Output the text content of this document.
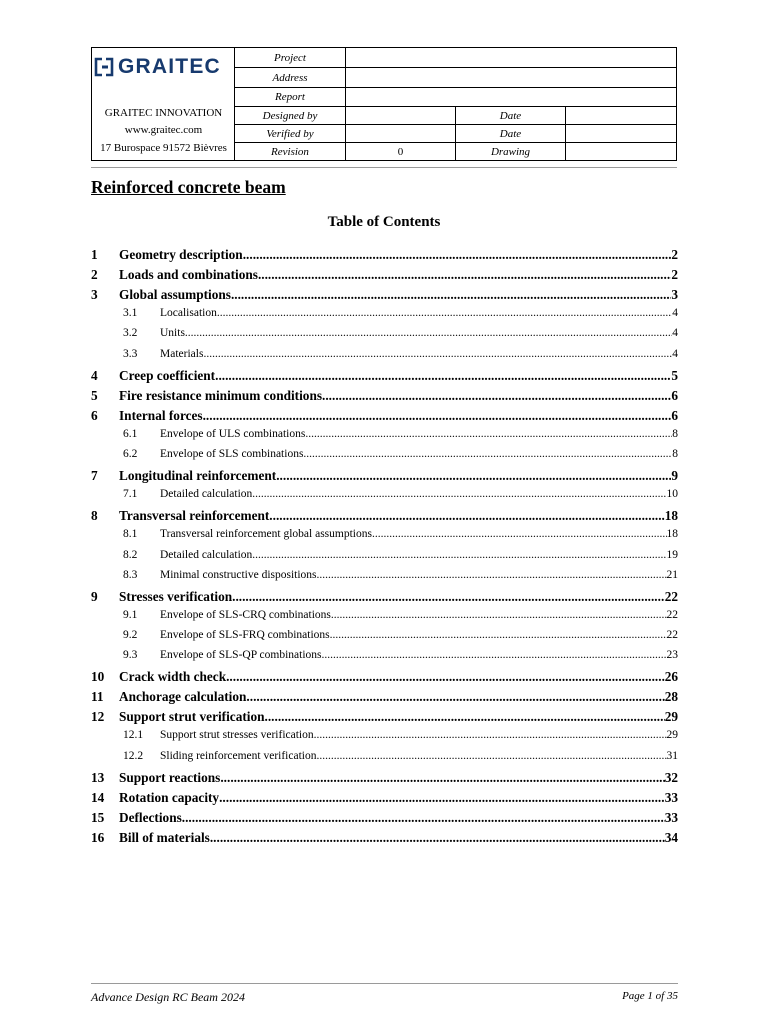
GRAITEC
GRAITEC INNOVATION
www.graitec.com
17 Burospace 91572 Bièvres
Project
Address
Report
Designed by	Date
Verified by	Date
Revision	0	Drawing
Reinforced concrete beam
Table of Contents
1	Geometry description .....	2
2	Loads and combinations .....	2
3	Global assumptions .....	3
3.1	Localisation .....	4
3.2	Units .....	4
3.3	Materials .....	4
4	Creep coefficient .....	5
5	Fire resistance minimum conditions .....	6
6	Internal forces .....	6
6.1	Envelope of ULS combinations .....	8
6.2	Envelope of SLS combinations .....	8
7	Longitudinal reinforcement .....	9
7.1	Detailed calculation .....	10
8	Transversal reinforcement .....	18
8.1	Transversal reinforcement global assumptions .....	18
8.2	Detailed calculation .....	19
8.3	Minimal constructive dispositions .....	21
9	Stresses verification .....	22
9.1	Envelope of SLS-CRQ combinations .....	22
9.2	Envelope of SLS-FRQ combinations .....	22
9.3	Envelope of SLS-QP combinations .....	23
10	Crack width check .....	26
11	Anchorage calculation .....	28
12	Support strut verification .....	29
12.1	Support strut stresses verification .....	29
12.2	Sliding reinforcement verification .....	31
13	Support reactions .....	32
14	Rotation capacity .....	33
15	Deflections .....	33
16	Bill of materials .....	34
Advance Design RC Beam 2024	Page 1 of 35
